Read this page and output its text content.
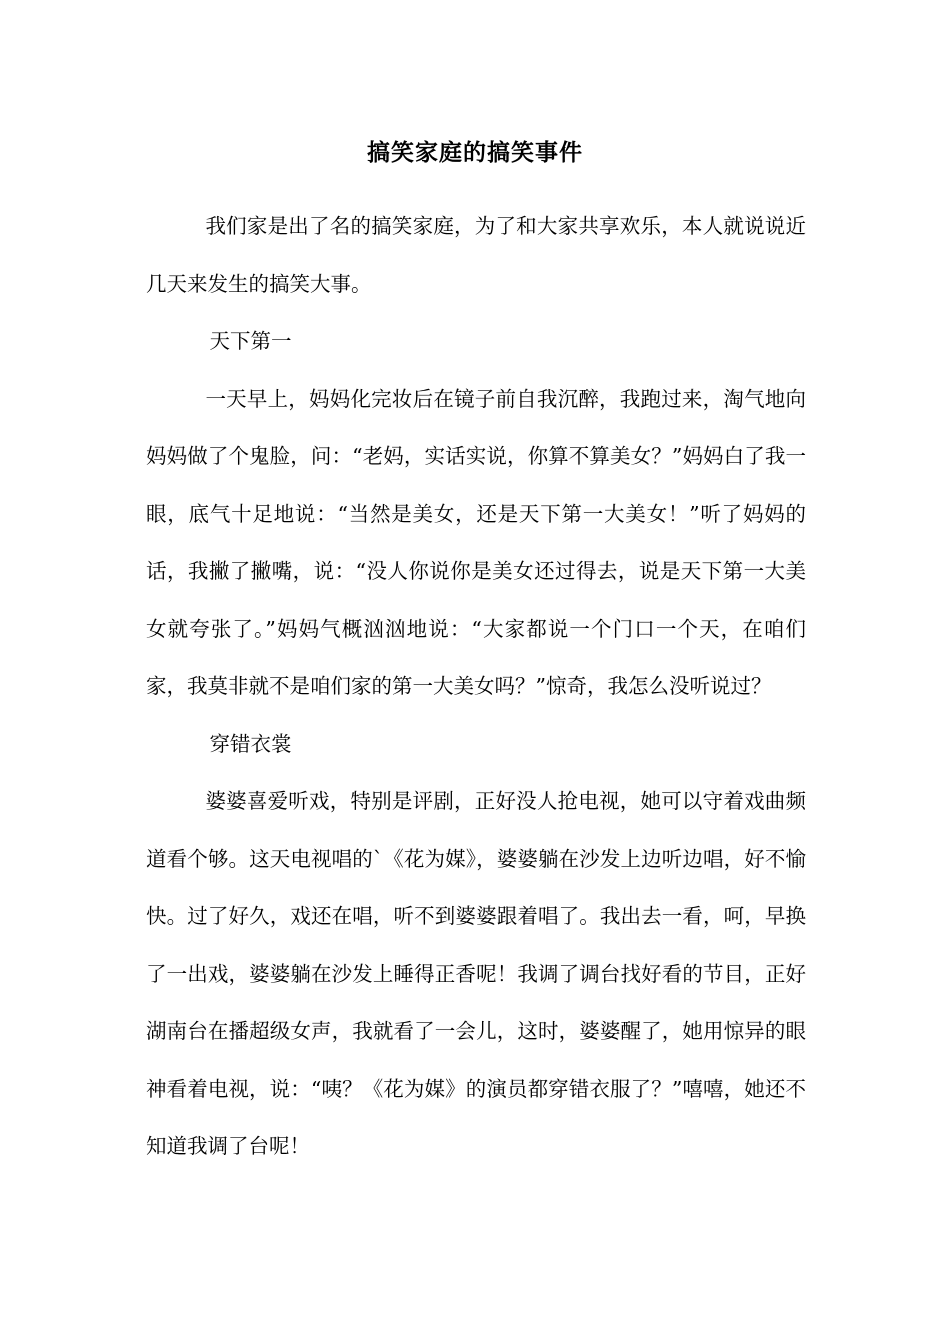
搞笑家庭的搞笑事件

我们家是出了名的搞笑家庭，为了和大家共享欢乐，本人就说说近几天来发生的搞笑大事。

天下第一

一天早上，妈妈化完妆后在镜子前自我沉醉，我跑过来，淘气地向妈妈做了个鬼脸，问：“老妈，实话实说，你算不算美女？”妈妈白了我一眼，底气十足地说：“当然是美女，还是天下第一大美女！”听了妈妈的话，我撇了撇嘴，说：“没人你说你是美女还过得去，说是天下第一大美女就夸张了。”妈妈气概汹汹地说：“大家都说一个门口一个天，在咱们家，我莫非就不是咱们家的第一大美女吗？”惊奇，我怎么没听说过？

穿错衣裳

婆婆喜爱听戏，特别是评剧，正好没人抢电视，她可以守着戏曲频道看个够。这天电视唱的`《花为媒》，婆婆躺在沙发上边听边唱，好不愉快。过了好久，戏还在唱，听不到婆婆跟着唱了。我出去一看，呵，早换了一出戏，婆婆躺在沙发上睡得正香呢！我调了调台找好看的节目，正好湖南台在播超级女声，我就看了一会儿，这时，婆婆醒了，她用惊异的眼神看着电视，说：“咦？《花为媒》的演员都穿错衣服了？”嘻嘻，她还不知道我调了台呢！
